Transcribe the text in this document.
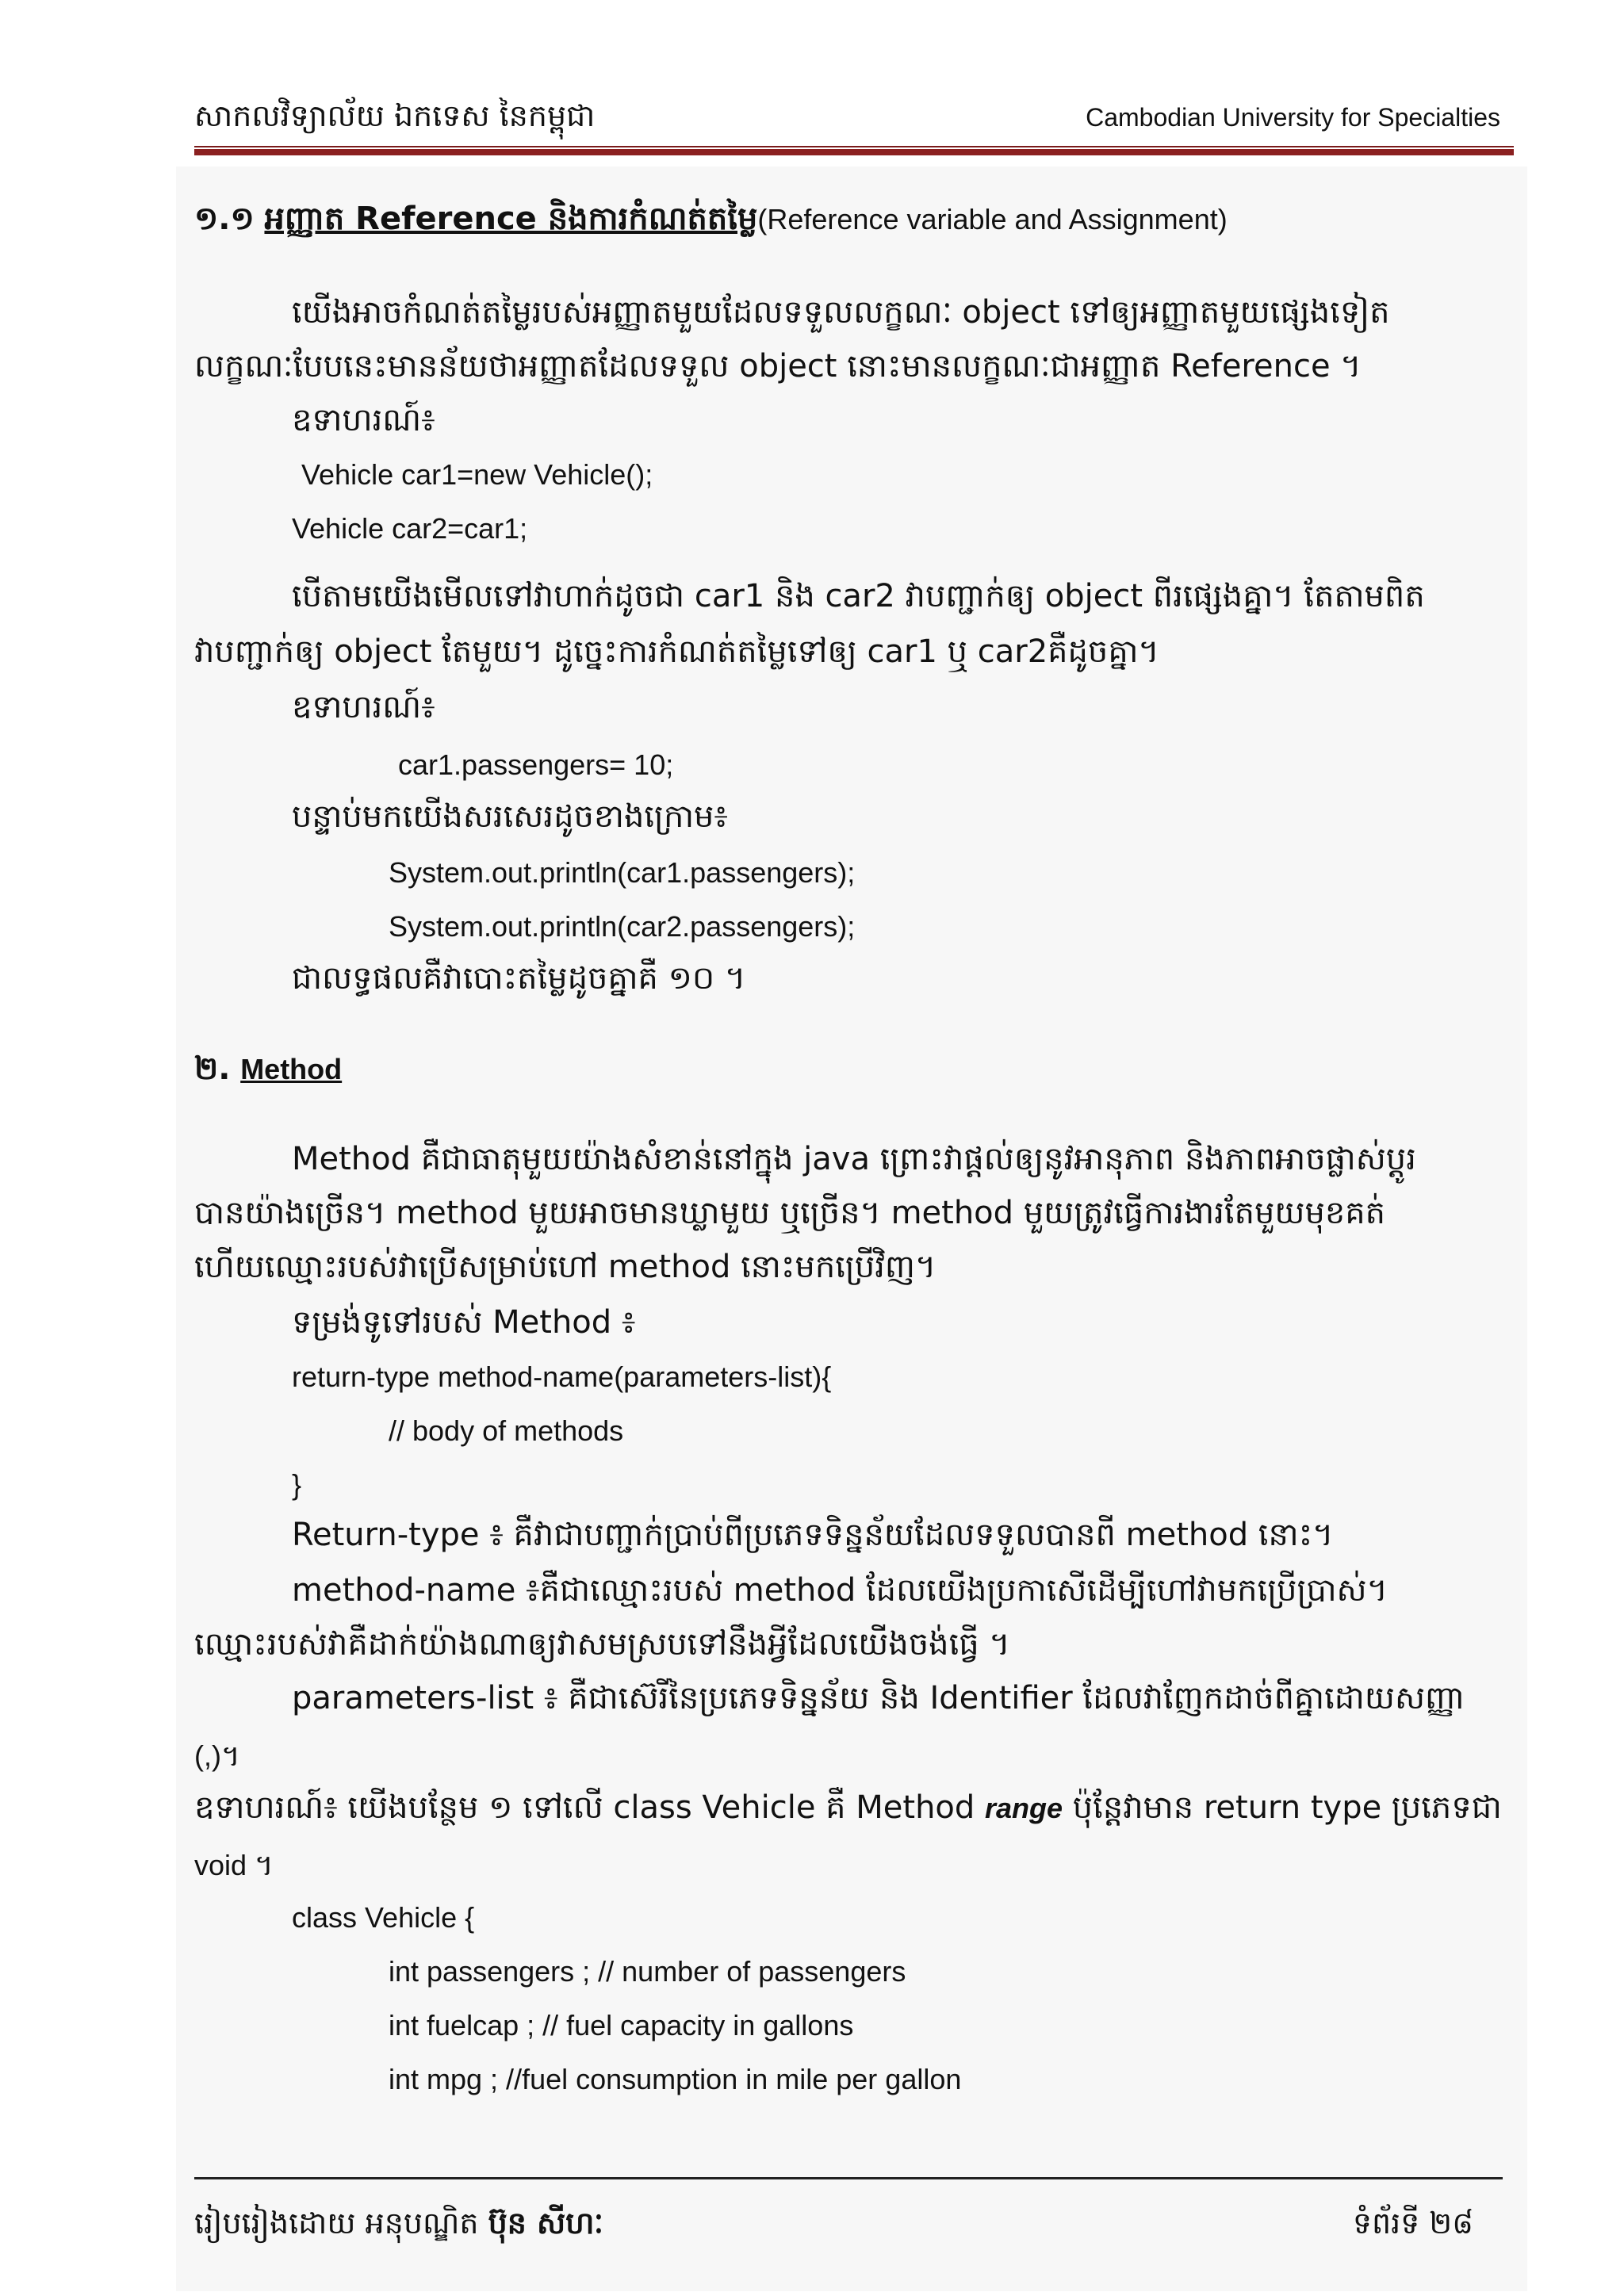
សាកលវិទ្យាល័យ ឯកទេស នៃកម្ពុជា	Cambodian University for Specialties
១.១ អញ្ញាត Reference និងការកំណត់តម្លៃ(Reference variable and Assignment)
យើងអាចកំណត់តម្លៃរបស់អញ្ញាតមួយដែលទទួលលក្ខណៈ object ទៅឲ្យអញ្ញាតមួយផ្សេងទៀត
លក្ខណៈបែបនេះមានន័យថាអញ្ញាតដែលទទួល object នោះមានលក្ខណៈជាអញ្ញាត Reference ។
ឧទាហរណ៍៖
Vehicle car1=new Vehicle();
Vehicle car2=car1;
បើតាមយើងមើលទៅវាហាក់ដូចជា car1 និង car2 វាបញ្ជាក់ឲ្យ object ពីរផ្សេងគ្នា។ តែតាមពិត
វាបញ្ជាក់ឲ្យ object តែមួយ។ ដូច្នេះការកំណត់តម្លៃទៅឲ្យ car1 ឬ car2គឺដូចគ្នា។
ឧទាហរណ៍៖
car1.passengers= 10;
បន្ទាប់មកយើងសរសេរដូចខាងក្រោម៖
System.out.println(car1.passengers);
System.out.println(car2.passengers);
ជាលទ្ធផលគឺវាបោះតម្លៃដូចគ្នាគឺ ១០ ។
២. Method
Method គឺជាធាតុមួយយ៉ាងសំខាន់នៅក្នុង java ព្រោះវាផ្តល់ឲ្យនូវអានុភាព និងភាពអាចផ្លាស់ប្តូរ
បានយ៉ាងច្រើន។ method មួយអាចមានឃ្លាមួយ ឬច្រើន។ method មួយត្រូវធ្វើការងារតែមួយមុខគត់
ហើយឈ្មោះរបស់វាប្រើសម្រាប់ហៅ method នោះមកប្រើវិញ។
ទម្រង់ទូទៅរបស់ Method ៖
return-type method-name(parameters-list){
// body of methods
}
Return-type ៖ គឺវាជាបញ្ជាក់ប្រាប់ពីប្រភេទទិន្នន័យដែលទទួលបានពី method នោះ។
method-name ៖គឺជាឈ្មោះរបស់ method ដែលយើងប្រកាសើដើម្បីហៅវាមកប្រើប្រាស់។
ឈ្មោះរបស់វាគឺដាក់យ៉ាងណាឲ្យវាសមស្របទៅនឹងអ្វីដែលយើងចង់ធ្វើ ។
parameters-list ៖ គឺជាស៊េរីនៃប្រភេទទិន្នន័យ និង Identifier ដែលវាញែកដាច់ពីគ្នាដោយសញ្ញា
(,)។
ឧទាហរណ៍៖ យើងបន្ថែម ១ ទៅលើ class Vehicle គឺ Method range ប៉ុន្តែវាមាន return type ប្រភេទជា
void ។
class Vehicle {
int passengers ; // number of passengers
int fuelcap ; // fuel capacity in gallons
int mpg ; //fuel consumption in mile per gallon
រៀបរៀងដោយ អនុបណ្ឌិត ប៊ុន សីហៈ	ទំព័រទី ២៨
